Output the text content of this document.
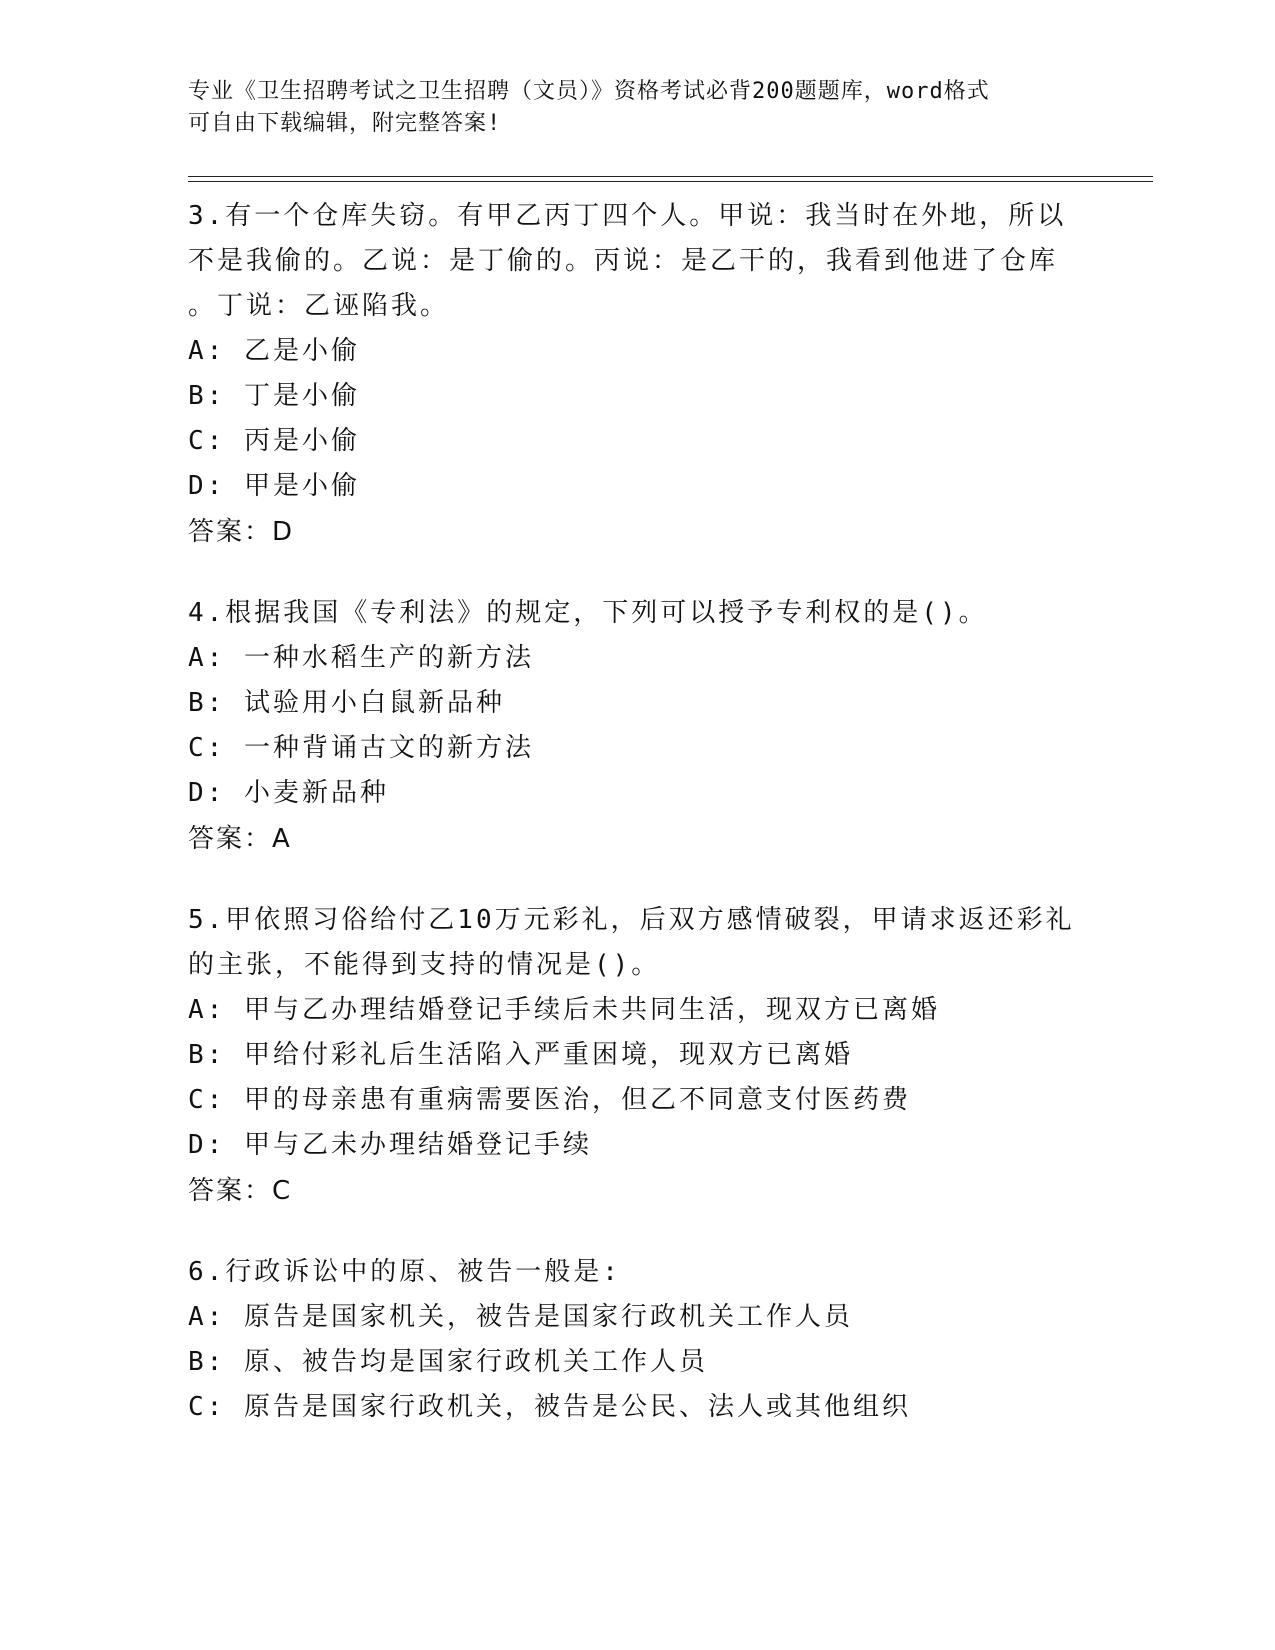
专业《卫生招聘考试之卫生招聘（文员）》资格考试必背200题题库，word格式
可自由下载编辑，附完整答案!
3.有一个仓库失窃。有甲乙丙丁四个人。甲说：我当时在外地，所以
不是我偷的。乙说：是丁偷的。丙说：是乙干的，我看到他进了仓库
。丁说：乙诬陷我。
A: 乙是小偷
B: 丁是小偷
C: 丙是小偷
D: 甲是小偷
答案：D
4.根据我国《专利法》的规定，下列可以授予专利权的是()。
A: 一种水稻生产的新方法
B: 试验用小白鼠新品种
C: 一种背诵古文的新方法
D: 小麦新品种
答案：A
5.甲依照习俗给付乙10万元彩礼，后双方感情破裂，甲请求返还彩礼
的主张，不能得到支持的情况是()。
A: 甲与乙办理结婚登记手续后未共同生活，现双方已离婚
B: 甲给付彩礼后生活陷入严重困境，现双方已离婚
C: 甲的母亲患有重病需要医治，但乙不同意支付医药费
D: 甲与乙未办理结婚登记手续
答案：C
6.行政诉讼中的原、被告一般是:
A: 原告是国家机关，被告是国家行政机关工作人员
B: 原、被告均是国家行政机关工作人员
C: 原告是国家行政机关，被告是公民、法人或其他组织
